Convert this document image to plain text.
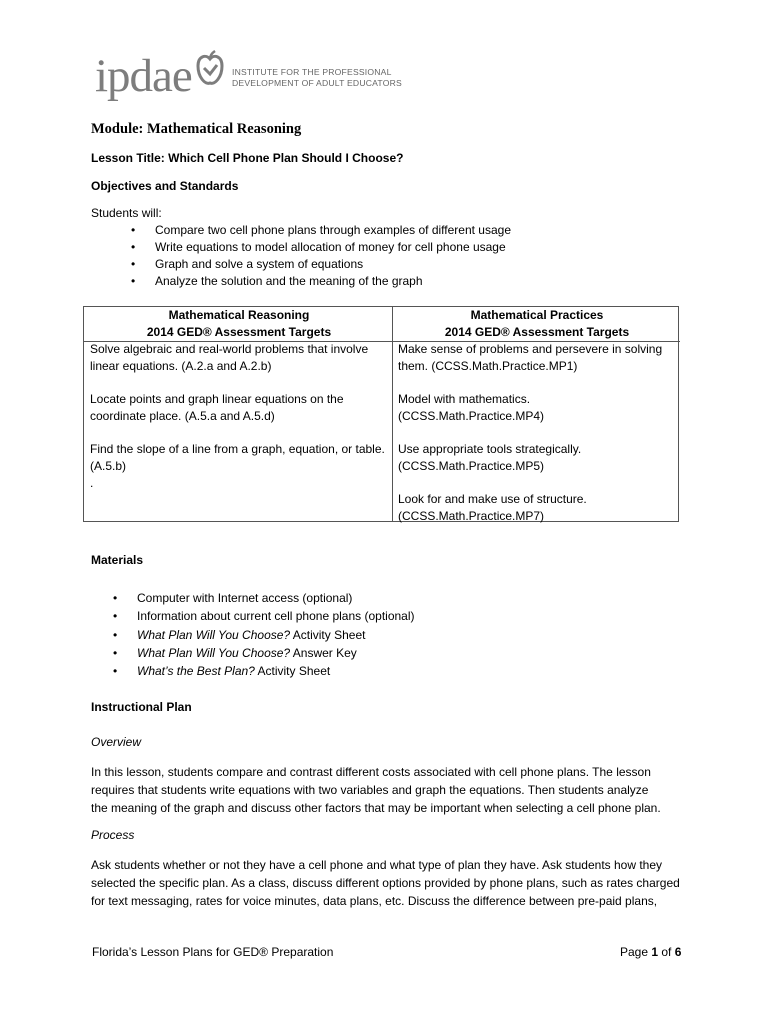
ipdae	INSTITUTE FOR THE PROFESSIONAL
DEVELOPMENT OF ADULT EDUCATORS
Module: Mathematical Reasoning
Lesson Title: Which Cell Phone Plan Should I Choose?
Objectives and Standards
Students will:
• Compare two cell phone plans through examples of different usage
• Write equations to model allocation of money for cell phone usage
• Graph and solve a system of equations
• Analyze the solution and the meaning of the graph

Mathematical Reasoning

2014 GED® Assessment Targets

Solve algebraic and real-world problems that involve linear equations. (A.2.a and A.2.b)

Locate points and graph linear equations on the coordinate place. (A.5.a and A.5.d)

Find the slope of a line from a graph, equation, or table. (A.5.b)

.

Mathematical Practices

2014 GED® Assessment Targets

Make sense of problems and persevere in solving them. (CCSS.Math.Practice.MP1)

Model with mathematics. (CCSS.Math.Practice.MP4)

Use appropriate tools strategically. (CCSS.Math.Practice.MP5)

Look for and make use of structure. (CCSS.Math.Practice.MP7)

Materials
• Computer with Internet access (optional)
• Information about current cell phone plans (optional)
• What Plan Will You Choose? Activity Sheet
• What Plan Will You Choose? Answer Key
• What’s the Best Plan? Activity Sheet
Instructional Plan
Overview
In this lesson, students compare and contrast different costs associated with cell phone plans. The lesson
requires that students write equations with two variables and graph the equations. Then students analyze
the meaning of the graph and discuss other factors that may be important when selecting a cell phone plan.
Process
Ask students whether or not they have a cell phone and what type of plan they have. Ask students how they
selected the specific plan. As a class, discuss different options provided by phone plans, such as rates charged
for text messaging, rates for voice minutes, data plans, etc. Discuss the difference between pre-paid plans,
Florida’s Lesson Plans for GED® Preparation	Page 1 of 6
